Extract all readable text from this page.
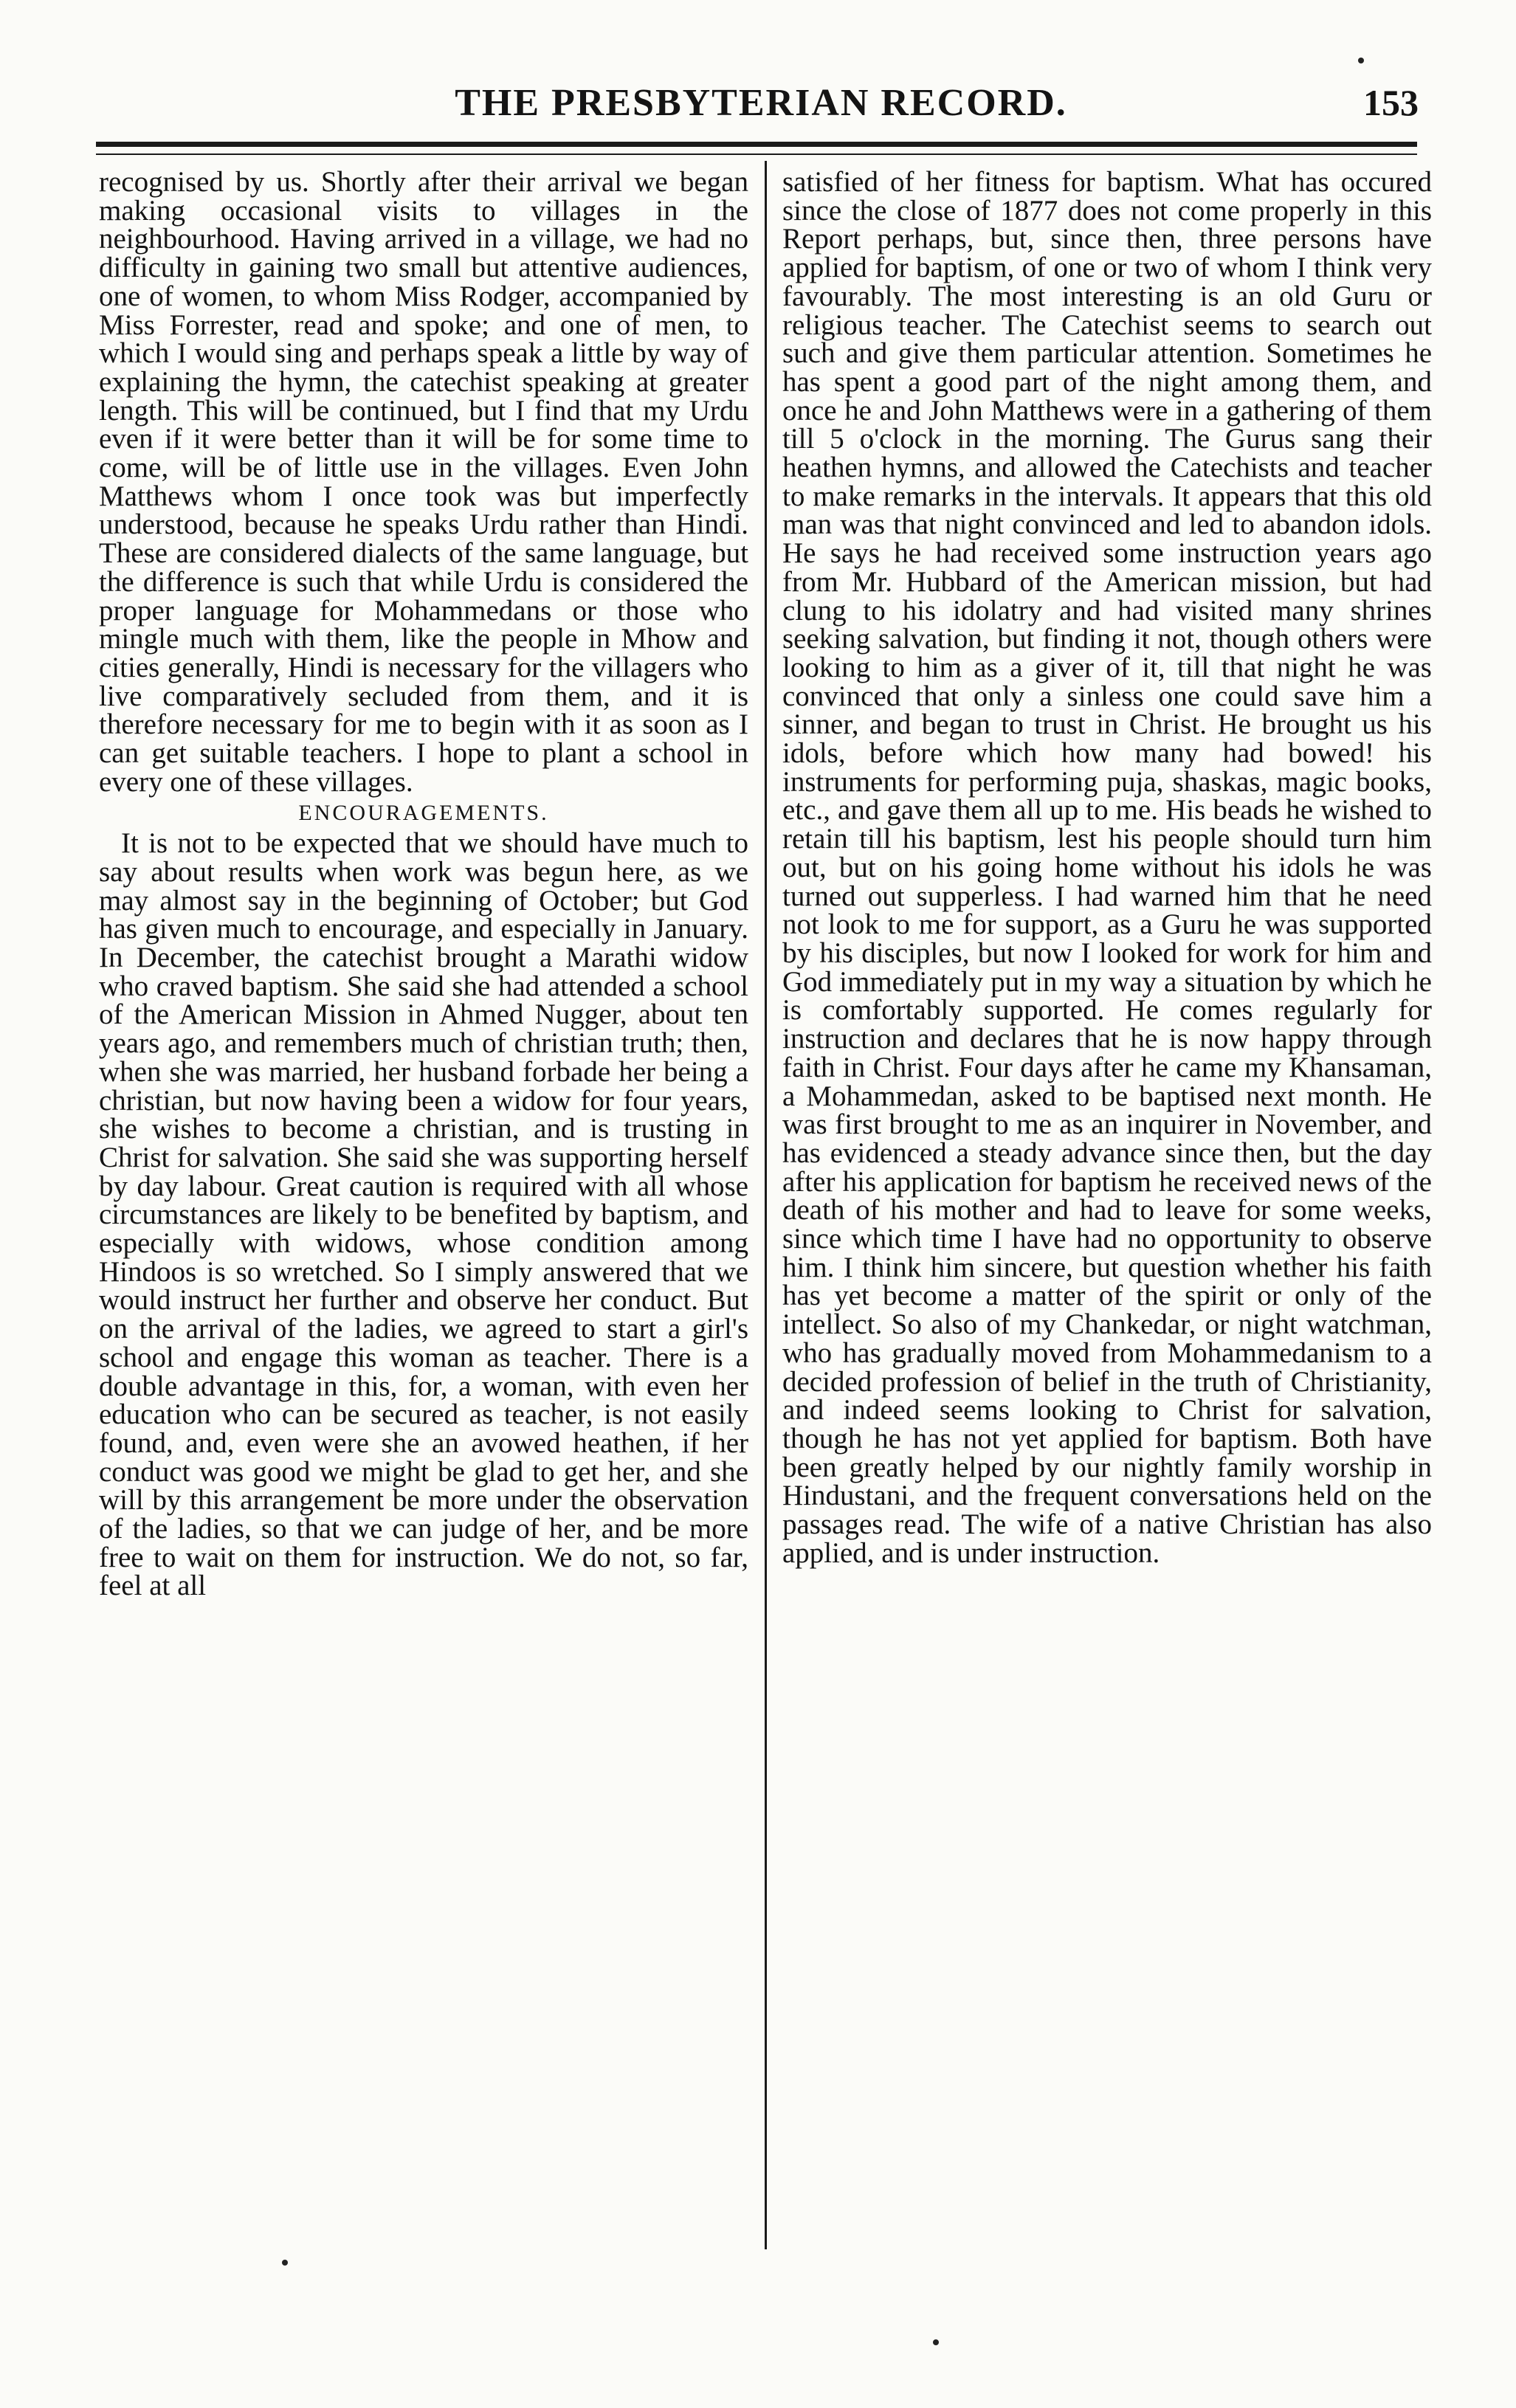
THE PRESBYTERIAN RECORD.	153

recognised by us. Shortly after their arrival we began making occasional visits to villages in the neighbourhood. Having arrived in a village, we had no difficulty in gaining two small but attentive audiences, one of women, to whom Miss Rodger, accompanied by Miss Forrester, read and spoke; and one of men, to which I would sing and perhaps speak a little by way of explaining the hymn, the catechist speaking at greater length. This will be continued, but I find that my Urdu even if it were better than it will be for some time to come, will be of little use in the villages. Even John Matthews whom I once took was but imperfectly understood, because he speaks Urdu rather than Hindi. These are considered dialects of the same language, but the difference is such that while Urdu is considered the proper language for Mohammedans or those who mingle much with them, like the people in Mhow and cities generally, Hindi is necessary for the villagers who live comparatively secluded from them, and it is therefore necessary for me to begin with it as soon as I can get suitable teachers. I hope to plant a school in every one of these villages.

ENCOURAGEMENTS.

It is not to be expected that we should have much to say about results when work was begun here, as we may almost say in the beginning of October; but God has given much to encourage, and especially in January. In December, the catechist brought a Marathi widow who craved baptism. She said she had attended a school of the American Mission in Ahmed Nugger, about ten years ago, and remembers much of christian truth; then, when she was married, her husband forbade her being a christian, but now having been a widow for four years, she wishes to become a christian, and is trusting in Christ for salvation. She said she was supporting herself by day labour. Great caution is required with all whose circumstances are likely to be benefited by baptism, and especially with widows, whose condition among Hindoos is so wretched. So I simply answered that we would instruct her further and observe her conduct. But on the arrival of the ladies, we agreed to start a girl's school and engage this woman as teacher. There is a double advantage in this, for, a woman, with even her education who can be secured as teacher, is not easily found, and, even were she an avowed heathen, if her conduct was good we might be glad to get her, and she will by this arrangement be more under the observation of the ladies, so that we can judge of her, and be more free to wait on them for instruction. We do not, so far, feel at all

satisfied of her fitness for baptism. What has occured since the close of 1877 does not come properly in this Report perhaps, but, since then, three persons have applied for baptism, of one or two of whom I think very favourably. The most interesting is an old Guru or religious teacher. The Catechist seems to search out such and give them particular attention. Sometimes he has spent a good part of the night among them, and once he and John Matthews were in a gathering of them till 5 o'clock in the morning. The Gurus sang their heathen hymns, and allowed the Catechists and teacher to make remarks in the intervals. It appears that this old man was that night convinced and led to abandon idols. He says he had received some instruction years ago from Mr. Hubbard of the American mission, but had clung to his idolatry and had visited many shrines seeking salvation, but finding it not, though others were looking to him as a giver of it, till that night he was convinced that only a sinless one could save him a sinner, and began to trust in Christ. He brought us his idols, before which how many had bowed! his instruments for performing puja, shaskas, magic books, etc., and gave them all up to me. His beads he wished to retain till his baptism, lest his people should turn him out, but on his going home without his idols he was turned out supperless. I had warned him that he need not look to me for support, as a Guru he was supported by his disciples, but now I looked for work for him and God immediately put in my way a situation by which he is comfortably supported. He comes regularly for instruction and declares that he is now happy through faith in Christ. Four days after he came my Khansaman, a Mohammedan, asked to be baptised next month. He was first brought to me as an inquirer in November, and has evidenced a steady advance since then, but the day after his application for baptism he received news of the death of his mother and had to leave for some weeks, since which time I have had no opportunity to observe him. I think him sincere, but question whether his faith has yet become a matter of the spirit or only of the intellect. So also of my Chankedar, or night watchman, who has gradually moved from Mohammedanism to a decided profession of belief in the truth of Christianity, and indeed seems looking to Christ for salvation, though he has not yet applied for baptism. Both have been greatly helped by our nightly family worship in Hindustani, and the frequent conversations held on the passages read. The wife of a native Christian has also applied, and is under instruction.
